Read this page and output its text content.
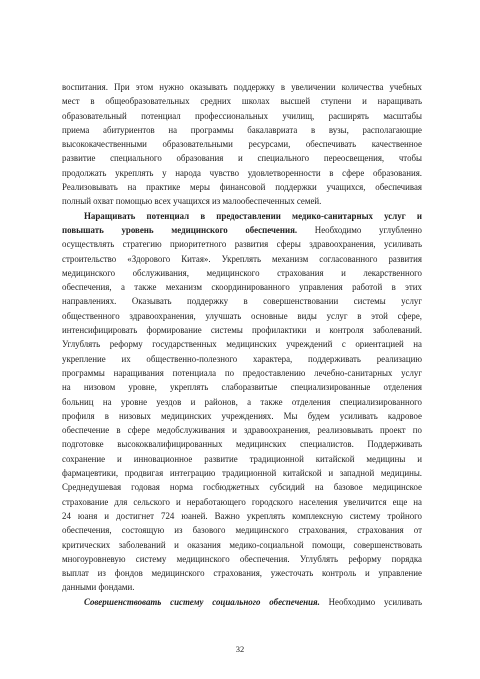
воспитания. При этом нужно оказывать поддержку в увеличении количества учебных
мест в общеобразовательных средних школах высшей ступени и наращивать
образовательный потенциал профессиональных училищ, расширять масштабы
приема абитуриентов на программы бакалавриата в вузы, располагающие
высококачественными образовательными ресурсами, обеспечивать качественное
развитие специального образования и специального переосвещения, чтобы
продолжать укреплять у народа чувство удовлетворенности в сфере образования.
Реализовывать на практике меры финансовой поддержки учащихся, обеспечивая
полный охват помощью всех учащихся из малообеспеченных семей.
Наращивать потенциал в предоставлении медико-санитарных услуг и
повышать уровень медицинского обеспечения. Необходимо углубленно
осуществлять стратегию приоритетного развития сферы здравоохранения, усиливать
строительство «Здорового Китая». Укреплять механизм согласованного развития
медицинского обслуживания, медицинского страхования и лекарственного
обеспечения, а также механизм скоординированного управления работой в этих
направлениях. Оказывать поддержку в совершенствовании системы услуг
общественного здравоохранения, улучшать основные виды услуг в этой сфере,
интенсифицировать формирование системы профилактики и контроля заболеваний.
Углублять реформу государственных медицинских учреждений с ориентацией на
укрепление их общественно-полезного характера, поддерживать реализацию
программы наращивания потенциала по предоставлению лечебно-санитарных услуг
на низовом уровне, укреплять слаборазвитые специализированные отделения
больниц на уровне уездов и районов, а также отделения специализированного
профиля в низовых медицинских учреждениях. Мы будем усиливать кадровое
обеспечение в сфере медобслуживания и здравоохранения, реализовывать проект по
подготовке высококвалифицированных медицинских специалистов. Поддерживать
сохранение и инновационное развитие традиционной китайской медицины и
фармацевтики, продвигая интеграцию традиционной китайской и западной медицины.
Среднедушевая годовая норма госбюджетных субсидий на базовое медицинское
страхование для сельского и неработающего городского населения увеличится еще на
24 юаня и достигнет 724 юаней. Важно укреплять комплексную систему тройного
обеспечения, состоящую из базового медицинского страхования, страхования от
критических заболеваний и оказания медико-социальной помощи, совершенствовать
многоуровневую систему медицинского обеспечения. Углублять реформу порядка
выплат из фондов медицинского страхования, ужесточать контроль и управление
данными фондами.
Совершенствовать систему социального обеспечения. Необходимо усиливать
32
